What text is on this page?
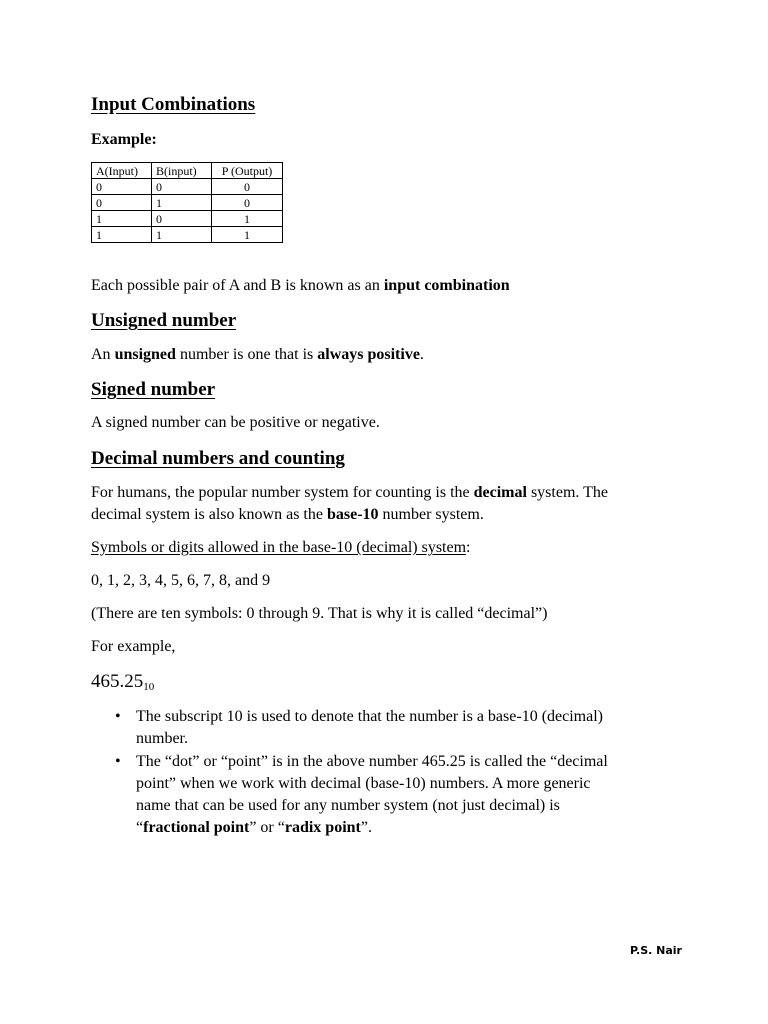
Input Combinations
Example:
A(Input)	B(input)	P (Output)
0	0	0
0	1	0
1	0	1
1	1	1

Each possible pair of A and B is known as an input combination

Unsigned number

An unsigned number is one that is always positive.

Signed number

A signed number can be positive or negative.

Decimal numbers and counting

For humans, the popular number system for counting is the decimal system. The

decimal system is also known as the base-10 number system.

Symbols or digits allowed in the base-10 (decimal) system:

0, 1, 2, 3, 4, 5, 6, 7, 8, and 9

(There are ten symbols: 0 through 9. That is why it is called “decimal”)

For example,

$465.25_{10}$

• The subscript 10 is used to denote that the number is a base-10 (decimal)
number.
• The “dot” or “point” is in the above number 465.25 is called the “decimal
point” when we work with decimal (base-10) numbers. A more generic
name that can be used for any number system (not just decimal) is
“fractional point” or “radix point”.
P.S. Nair
